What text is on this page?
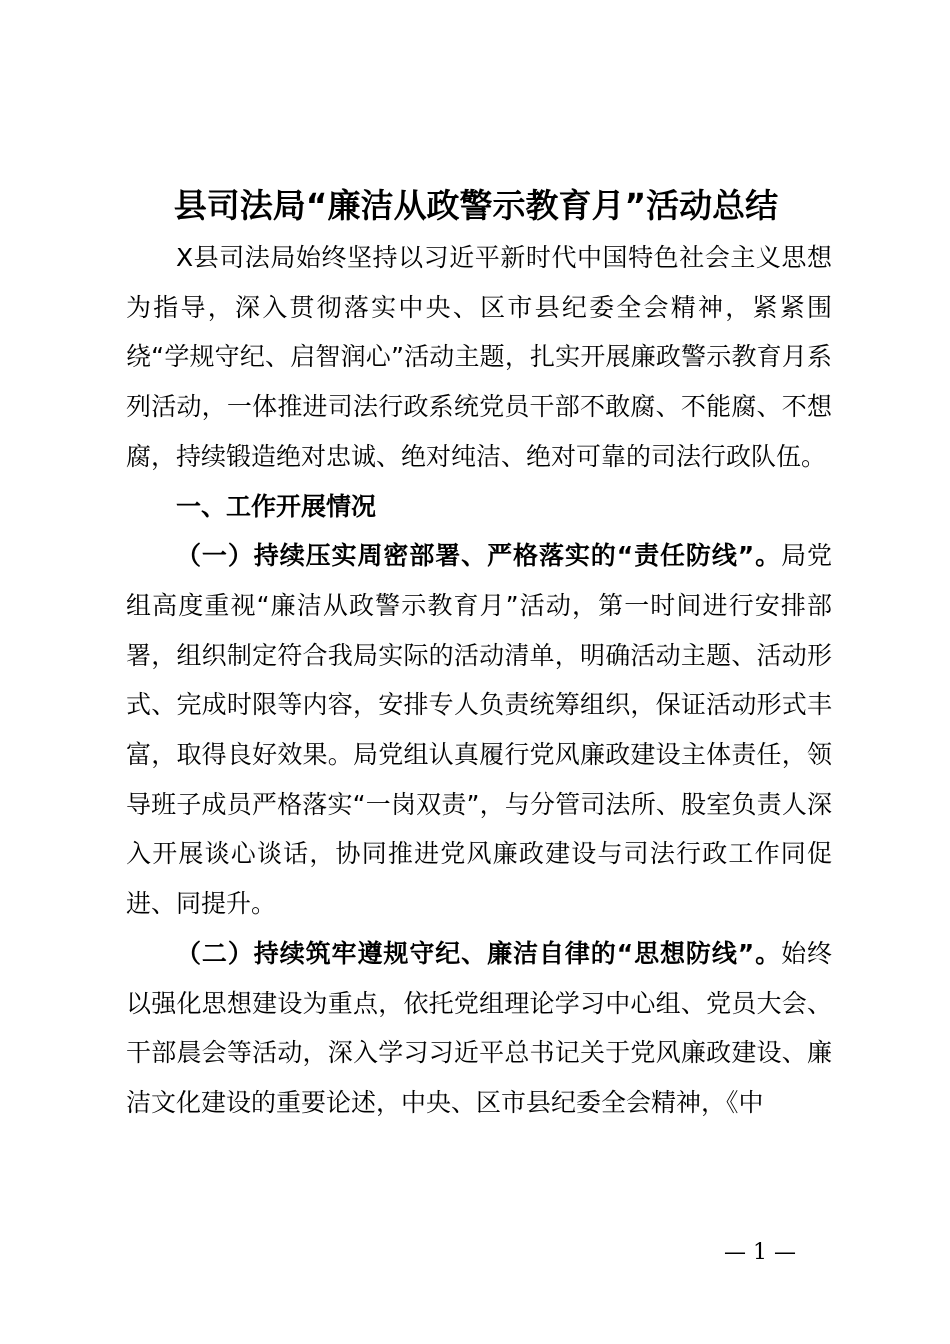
县司法局“廉洁从政警示教育月”活动总结

X县司法局始终坚持以习近平新时代中国特色社会主义思想为指导，深入贯彻落实中央、区市县纪委全会精神，紧紧围绕“学规守纪、启智润心”活动主题，扎实开展廉政警示教育月系列活动，一体推进司法行政系统党员干部不敢腐、不能腐、不想腐，持续锻造绝对忠诚、绝对纯洁、绝对可靠的司法行政队伍。

一、工作开展情况

（一）持续压实周密部署、严格落实的“责任防线”。局党组高度重视“廉洁从政警示教育月”活动，第一时间进行安排部署，组织制定符合我局实际的活动清单，明确活动主题、活动形式、完成时限等内容，安排专人负责统筹组织，保证活动形式丰富，取得良好效果。局党组认真履行党风廉政建设主体责任，领导班子成员严格落实“一岗双责”，与分管司法所、股室负责人深入开展谈心谈话，协同推进党风廉政建设与司法行政工作同促进、同提升。

（二）持续筑牢遵规守纪、廉洁自律的“思想防线”。始终以强化思想建设为重点，依托党组理论学习中心组、党员大会、干部晨会等活动，深入学习习近平总书记关于党风廉政建设、廉洁文化建设的重要论述，中央、区市县纪委全会精神，《中

— 1 —
